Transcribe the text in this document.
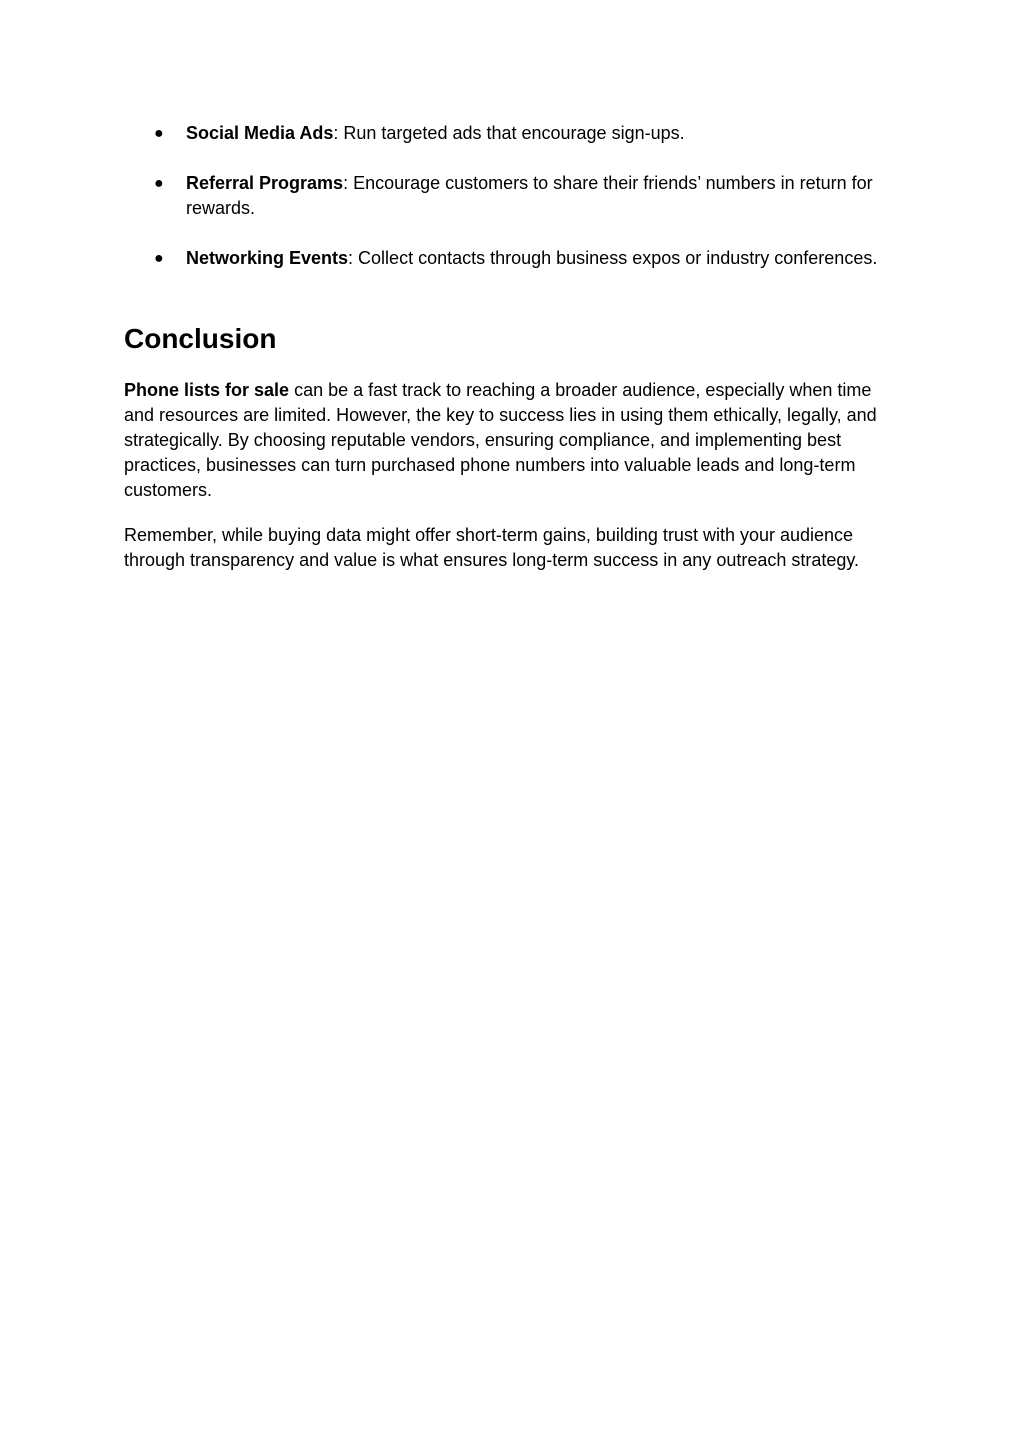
● Social Media Ads: Run targeted ads that encourage sign-ups.
● Referral Programs: Encourage customers to share their friends’ numbers in return for rewards.
● Networking Events: Collect contacts through business expos or industry conferences.
Conclusion

Phone lists for sale can be a fast track to reaching a broader audience, especially when time and resources are limited. However, the key to success lies in using them ethically, legally, and strategically. By choosing reputable vendors, ensuring compliance, and implementing best practices, businesses can turn purchased phone numbers into valuable leads and long-term customers.

Remember, while buying data might offer short-term gains, building trust with your audience through transparency and value is what ensures long-term success in any outreach strategy.
